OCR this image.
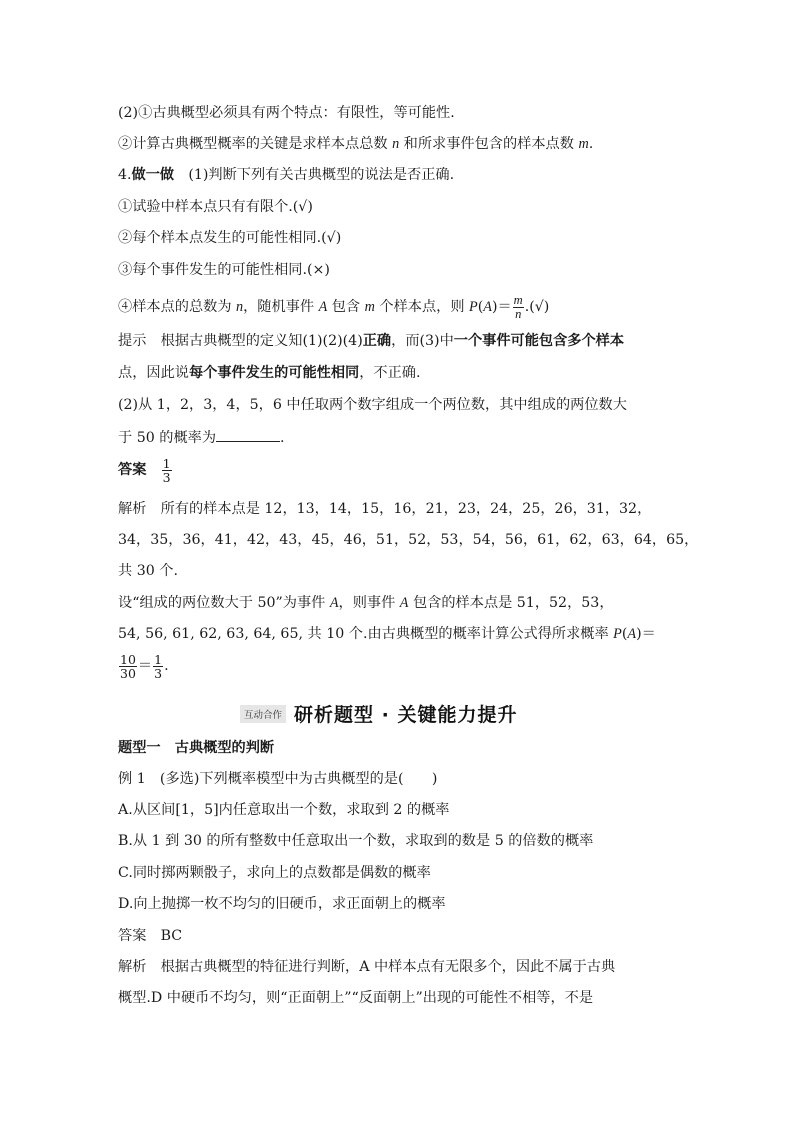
(2)①古典概型必须具有两个特点：有限性，等可能性.
②计算古典概型概率的关键是求样本点总数 n 和所求事件包含的样本点数 m.
4.做一做　(1)判断下列有关古典概型的说法是否正确.
①试验中样本点只有有限个.(√)
②每个样本点发生的可能性相同.(√)
③每个事件发生的可能性相同.(×)
④样本点的总数为 n，随机事件 A 包含 m 个样本点，则 $P(A)= \frac{m}{n}$ .(√)
提示　根据古典概型的定义知(1)(2)(4)正确，而(3)中一个事件可能包含多个样本
点，因此说每个事件发生的可能性相同，不正确.
(2)从 1，2，3，4，5，6 中任取两个数字组成一个两位数，其中组成的两位数大
于 50 的概率为	.
答案　 $\frac{1}{3}$
解析　所有的样本点是 12，13，14，15，16，21，23，24，25，26，31，32，
34，35，36，41，42，43，45，46，51，52，53，54，56，61，62，63，64，65，
共 30 个.
设“组成的两位数大于 50”为事件 A，则事件 A 包含的样本点是 51，52，53，
54, 56, 61, 62, 63, 64, 65, 共 10 个.由古典概型的概率计算公式得所求概率 P(A)＝
$\frac{10}{30} = \frac{1}{3}$ .
互动合作 研析题型 · 关键能力提升
题型一　古典概型的判断
例 1　(多选)下列概率模型中为古典概型的是(　　)
A.从区间[1，5]内任意取出一个数，求取到 2 的概率
B.从 1 到 30 的所有整数中任意取出一个数，求取到的数是 5 的倍数的概率
C.同时掷两颗骰子，求向上的点数都是偶数的概率
D.向上抛掷一枚不均匀的旧硬币，求正面朝上的概率
答案　BC
解析　根据古典概型的特征进行判断，A 中样本点有无限多个，因此不属于古典
概型.D 中硬币不均匀，则“正面朝上”“反面朝上”出现的可能性不相等，不是
